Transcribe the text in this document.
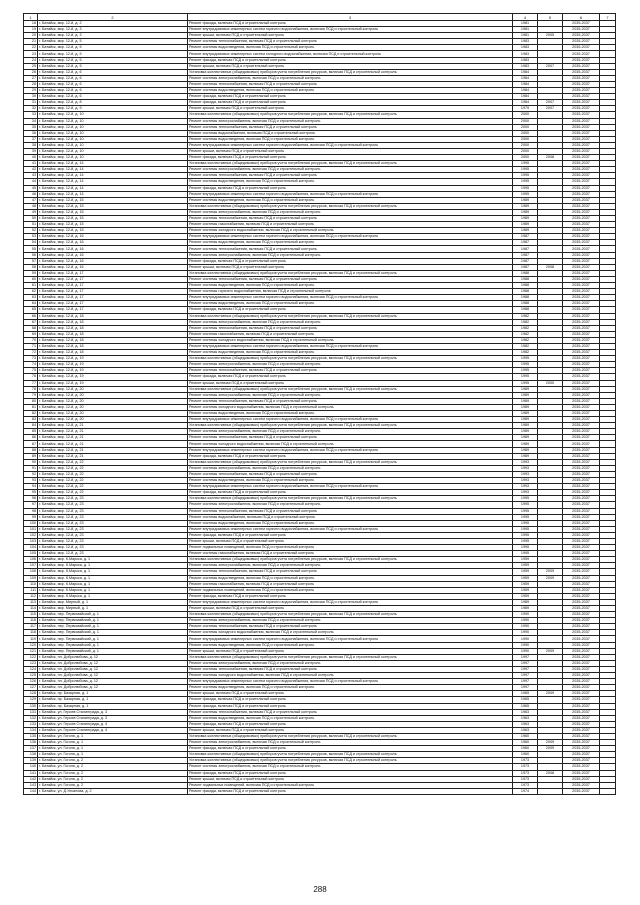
1	2	3	4	5	6	7
18	г. Батайск, мкр. 12-й, д. 2	Ремонт фасада, включая ПСД и строительный контроль	1981		2035-2037	
19	г. Батайск, мкр. 12-й, д. 3	Ремонт внутридомовых инженерных систем горячего водоснабжения, включая ПСД и строительный контроль	1981		2035-2037	
20	г. Батайск, мкр. 12-й, д. 3	Ремонт крыши, включая ПСД и строительный контроль	1981	2005	2035-2037	
21	г. Батайск, мкр. 12-й, д. 5	Ремонт системы теплоснабжения, включая ПСД и строительный контроль	1983		2035-2037	
22	г. Батайск, мкр. 12-й, д. 5	Ремонт системы водоотведения, включая ПСД и строительный контроль	1983		2035-2037	
23	г. Батайск, мкр. 12-й, д. 5	Ремонт внутридомовых инженерных систем холодного водоснабжения, включая ПСД и строительный контроль	1983		2035-2037	
24	г. Батайск, мкр. 12-й, д. 5	Ремонт фасада, включая ПСД и строительный контроль	1983		2035-2037	
25	г. Батайск, мкр. 12-й, д. 5	Ремонт крыши, включая ПСД и строительный контроль	1983	2007	2035-2037	
26	г. Батайск, мкр. 12-й, д. 6	Установка коллективных (общедомовых) приборов учета потребления ресурсов, включая ПСД и строительный контроль	1984		2035-2037	
27	г. Батайск, мкр. 12-й, д. 6	Ремонт системы электроснабжения, включая ПСД и строительный контроль	1984		2035-2037	
28	г. Батайск, мкр. 12-й, д. 6	Ремонт системы теплоснабжения, включая ПСД и строительный контроль	1984		2035-2037	
29	г. Батайск, мкр. 12-й, д. 6	Ремонт системы водоотведения, включая ПСД и строительный контроль	1984		2035-2037	
30	г. Батайск, мкр. 12-й, д. 6	Ремонт фасада, включая ПСД и строительный контроль	1984		2035-2037	
31	г. Батайск, мкр. 12-й, д. 8	Ремонт фасада, включая ПСД и строительный контроль	1984	2007	2035-2037	
32	г. Батайск, мкр. 12-й, д. 9	Ремонт крыши, включая ПСД и строительный контроль	1979	2007	2035-2037	
33	г. Батайск, мкр. 12-й, д. 10	Установка коллективных (общедомовых) приборов учета потребления ресурсов, включая ПСД и строительный контроль	2000		2035-2037	
34	г. Батайск, мкр. 12-й, д. 10	Ремонт системы электроснабжения, включая ПСД и строительный контроль	2000		2035-2037	
35	г. Батайск, мкр. 12-й, д. 10	Ремонт системы теплоснабжения, включая ПСД и строительный контроль	2000		2035-2037	
36	г. Батайск, мкр. 12-й, д. 10	Ремонт системы водоснабжения, включая ПСД и строительный контроль	2000		2035-2037	
37	г. Батайск, мкр. 12-й, д. 10	Ремонт системы водоотведения, включая ПСД и строительный контроль	2000		2035-2037	
38	г. Батайск, мкр. 12-й, д. 10	Ремонт внутридомовых инженерных систем горячего водоснабжения, включая ПСД и строительный контроль	2000		2035-2037	
39	г. Батайск, мкр. 12-й, д. 10	Ремонт крыши, включая ПСД и строительный контроль	2000		2035-2037	
40	г. Батайск, мкр. 12-й, д. 10	Ремонт фасада, включая ПСД и строительный контроль	2000	2008	2035-2037	
41	г. Батайск, мкр. 12-й, д. 14	Установка коллективных (общедомовых) приборов учета потребления ресурсов, включая ПСД и строительный контроль	1995		2035-2037	
42	г. Батайск, мкр. 12-й, д. 14	Ремонт системы электроснабжения, включая ПСД и строительный контроль	1995		2035-2037	
43	г. Батайск, мкр. 12-й, д. 14	Ремонт системы теплоснабжения, включая ПСД и строительный контроль	1995		2035-2037	
44	г. Батайск, мкр. 12-й, д. 14	Ремонт системы водоотведения, включая ПСД и строительный контроль	1995		2035-2037	
45	г. Батайск, мкр. 12-й, д. 14	Ремонт фасада, включая ПСД и строительный контроль	1995		2035-2037	
46	г. Батайск, мкр. 12-й, д. 14	Ремонт внутридомовых инженерных систем горячего водоснабжения, включая ПСД и строительный контроль	1995		2035-2037	
47	г. Батайск, мкр. 12-й, д. 15	Ремонт системы водоотведения, включая ПСД и строительный контроль	1989		2035-2037	
48	г. Батайск, мкр. 12-й, д. 15	Установка коллективных (общедомовых) приборов учета потребления ресурсов, включая ПСД и строительный контроль	1989		2035-2037	
49	г. Батайск, мкр. 12-й, д. 15	Ремонт системы электроснабжения, включая ПСД и строительный контроль	1989		2035-2037	
50	г. Батайск, мкр. 12-й, д. 15	Ремонт системы теплоснабжения, включая ПСД и строительный контроль	1989		2035-2037	
51	г. Батайск, мкр. 12-й, д. 15	Ремонт системы газоснабжения, включая ПСД и строительный контроль	1989		2035-2037	
52	г. Батайск, мкр. 12-й, д. 15	Ремонт системы холодного водоснабжения, включая ПСД и строительный контроль	1989		2035-2037	
53	г. Батайск, мкр. 12-й, д. 16	Ремонт внутридомовых инженерных систем горячего водоснабжения, включая ПСД и строительный контроль	1987		2035-2037	
54	г. Батайск, мкр. 12-й, д. 16	Ремонт системы водоотведения, включая ПСД и строительный контроль	1987		2035-2037	
55	г. Батайск, мкр. 12-й, д. 16	Ремонт системы теплоснабжения, включая ПСД и строительный контроль	1987		2035-2037	
56	г. Батайск, мкр. 12-й, д. 16	Ремонт системы электроснабжения, включая ПСД и строительный контроль	1987		2035-2037	
57	г. Батайск, мкр. 12-й, д. 16	Ремонт фасада, включая ПСД и строительный контроль	1987		2035-2037	
58	г. Батайск, мкр. 12-й, д. 16	Ремонт крыши, включая ПСД и строительный контроль	1987	2008	2035-2037	
59	г. Батайск, мкр. 12-й, д. 17	Установка коллективных (общедомовых) приборов учета потребления ресурсов, включая ПСД и строительный контроль	1988		2035-2037	
60	г. Батайск, мкр. 12-й, д. 17	Ремонт системы теплоснабжения, включая ПСД и строительный контроль	1988		2035-2037	
61	г. Батайск, мкр. 12-й, д. 17	Ремонт системы водоотведения, включая ПСД и строительный контроль	1988		2035-2037	
62	г. Батайск, мкр. 12-й, д. 17	Ремонт системы горячего водоснабжения, включая ПСД и строительный контроль	1988		2035-2037	
63	г. Батайск, мкр. 12-й, д. 17	Ремонт внутридомовых инженерных систем горячего водоснабжения, включая ПСД и строительный контроль	1988		2035-2037	
64	г. Батайск, мкр. 12-й, д. 17	Ремонт системы водоотведения, включая ПСД и строительный контроль	1988		2035-2037	
65	г. Батайск, мкр. 12-й, д. 17	Ремонт фасада, включая ПСД и строительный контроль	1988		2035-2037	
66	г. Батайск, мкр. 12-й, д. 18	Установка коллективных (общедомовых) приборов учета потребления ресурсов, включая ПСД и строительный контроль	1982		2035-2037	
67	г. Батайск, мкр. 12-й, д. 18	Ремонт системы электроснабжения, включая ПСД и строительный контроль	1982		2035-2037	
68	г. Батайск, мкр. 12-й, д. 18	Ремонт системы теплоснабжения, включая ПСД и строительный контроль	1982		2035-2037	
69	г. Батайск, мкр. 12-й, д. 18	Ремонт системы газоснабжения, включая ПСД и строительный контроль	1982		2035-2037	
70	г. Батайск, мкр. 12-й, д. 18	Ремонт системы холодного водоснабжения, включая ПСД и строительный контроль	1982		2035-2037	
71	г. Батайск, мкр. 12-й, д. 18	Ремонт внутридомовых инженерных систем горячего водоснабжения, включая ПСД и строительный контроль	1982		2035-2037	
72	г. Батайск, мкр. 12-й, д. 18	Ремонт системы водоотведения, включая ПСД и строительный контроль	1982		2035-2037	
73	г. Батайск, мкр. 12-й, д. 19	Установка коллективных (общедомовых) приборов учета потребления ресурсов, включая ПСД и строительный контроль	1995		2035-2037	
74	г. Батайск, мкр. 12-й, д. 19	Ремонт системы электроснабжения, включая ПСД и строительный контроль	1995		2035-2037	
75	г. Батайск, мкр. 12-й, д. 19	Ремонт системы теплоснабжения, включая ПСД и строительный контроль	1995		2035-2037	
76	г. Батайск, мкр. 12-й, д. 19	Ремонт фасада, включая ПСД и строительный контроль	1995		2035-2037	
77	г. Батайск, мкр. 12-й, д. 19	Ремонт крыши, включая ПСД и строительный контроль	1995	2000	2035-2037	
78	г. Батайск, мкр. 12-й, д. 20	Установка коллективных (общедомовых) приборов учета потребления ресурсов, включая ПСД и строительный контроль	1989		2035-2037	
79	г. Батайск, мкр. 12-й, д. 20	Ремонт системы электроснабжения, включая ПСД и строительный контроль	1989		2035-2037	
80	г. Батайск, мкр. 12-й, д. 20	Ремонт системы теплоснабжения, включая ПСД и строительный контроль	1989		2035-2037	
81	г. Батайск, мкр. 12-й, д. 20	Ремонт системы холодного водоснабжения, включая ПСД и строительный контроль	1989		2035-2037	
82	г. Батайск, мкр. 12-й, д. 20	Ремонт системы водоотведения, включая ПСД и строительный контроль	1989		2035-2037	
83	г. Батайск, мкр. 12-й, д. 20	Ремонт внутридомовых инженерных систем горячего водоснабжения, включая ПСД и строительный контроль	1989		2035-2037	
84	г. Батайск, мкр. 12-й, д. 21	Установка коллективных (общедомовых) приборов учета потребления ресурсов, включая ПСД и строительный контроль	1989		2035-2037	
85	г. Батайск, мкр. 12-й, д. 21	Ремонт системы электроснабжения, включая ПСД и строительный контроль	1989		2035-2037	
86	г. Батайск, мкр. 12-й, д. 21	Ремонт системы теплоснабжения, включая ПСД и строительный контроль	1989		2035-2037	
87	г. Батайск, мкр. 12-й, д. 21	Ремонт системы холодного водоснабжения, включая ПСД и строительный контроль	1989		2035-2037	
88	г. Батайск, мкр. 12-й, д. 21	Ремонт внутридомовых инженерных систем горячего водоснабжения, включая ПСД и строительный контроль	1989		2035-2037	
89	г. Батайск, мкр. 12-й, д. 21	Ремонт фасада, включая ПСД и строительный контроль	1989		2035-2037	
90	г. Батайск, мкр. 12-й, д. 22	Установка коллективных (общедомовых) приборов учета потребления ресурсов, включая ПСД и строительный контроль	1993		2035-2037	
91	г. Батайск, мкр. 12-й, д. 22	Ремонт системы электроснабжения, включая ПСД и строительный контроль	1993		2035-2037	
92	г. Батайск, мкр. 12-й, д. 22	Ремонт системы теплоснабжения, включая ПСД и строительный контроль	1993		2035-2037	
93	г. Батайск, мкр. 12-й, д. 22	Ремонт системы водоотведения, включая ПСД и строительный контроль	1993		2035-2037	
94	г. Батайск, мкр. 12-й, д. 22	Ремонт внутридомовых инженерных систем горячего водоснабжения, включая ПСД и строительный контроль	1993		2035-2037	
95	г. Батайск, мкр. 12-й, д. 22	Ремонт фасада, включая ПСД и строительный контроль	1993		2035-2037	
96	г. Батайск, мкр. 12-й, д. 23	Установка коллективных (общедомовых) приборов учета потребления ресурсов, включая ПСД и строительный контроль	1995		2035-2037	
97	г. Батайск, мкр. 12-й, д. 23	Ремонт системы электроснабжения, включая ПСД и строительный контроль	1995		2035-2037	
98	г. Батайск, мкр. 12-й, д. 23	Ремонт системы теплоснабжения, включая ПСД и строительный контроль	1995		2035-2037	
99	г. Батайск, мкр. 12-й, д. 23	Ремонт системы водоснабжения, включая ПСД и строительный контроль	1995		2035-2037	
100	г. Батайск, мкр. 12-й, д. 23	Ремонт системы водоотведения, включая ПСД и строительный контроль	1995		2035-2037	
101	г. Батайск, мкр. 12-й, д. 23	Ремонт внутридомовых инженерных систем горячего водоснабжения, включая ПСД и строительный контроль	1995		2035-2037	
102	г. Батайск, мкр. 12-й, д. 23	Ремонт фасада, включая ПСД и строительный контроль	1995		2035-2037	
103	г. Батайск, мкр. 12-й, д. 23	Ремонт крыши, включая ПСД и строительный контроль	1995		2035-2037	
104	г. Батайск, мкр. 12-й, д. 23	Ремонт подвальных помещений, включая ПСД и строительный контроль	1995		2035-2037	
105	г. Батайск, мкр. 12-й, д. 23	Ремонт системы газоснабжения, включая ПСД и строительный контроль	1995		2035-2037	
106	г. Батайск, мкр. К.Маркса, д. 1	Установка коллективных (общедомовых) приборов учета потребления ресурсов, включая ПСД и строительный контроль	1959		2035-2037	
107	г. Батайск, мкр. К.Маркса, д. 1	Ремонт системы электроснабжения, включая ПСД и строительный контроль	1959		2035-2037	
108	г. Батайск, мкр. К.Маркса, д. 1	Ремонт системы теплоснабжения, включая ПСД и строительный контроль	1959	2009	2035-2037	
109	г. Батайск, мкр. К.Маркса, д. 1	Ремонт системы водоотведения, включая ПСД и строительный контроль	1959	2009	2035-2037	
110	г. Батайск, мкр. К.Маркса, д. 1	Ремонт системы газоснабжения, включая ПСД и строительный контроль	1959		2035-2037	
111	г. Батайск, мкр. К.Маркса, д. 1	Ремонт подвальных помещений, включая ПСД и строительный контроль	1959		2035-2037	
112	г. Батайск, мкр. К.Маркса, д. 1	Ремонт фасада, включая ПСД и строительный контроль	1959		2035-2037	
113	г. Батайск, мкр. Мирный, д. 1	Ремонт внутридомовых инженерных систем горячего водоснабжения, включая ПСД и строительный контроль	1989		2035-2037	
114	г. Батайск, мкр. Мирный, д. 1	Ремонт крыши, включая ПСД и строительный контроль	1989		2035-2037	
115	г. Батайск, пер. Первомайский, д. 1	Установка коллективных (общедомовых) приборов учета потребления ресурсов, включая ПСД и строительный контроль	1990		2035-2037	
116	г. Батайск, пер. Первомайский, д. 1	Ремонт системы электроснабжения, включая ПСД и строительный контроль	1990		2035-2037	
117	г. Батайск, пер. Первомайский, д. 1	Ремонт системы теплоснабжения, включая ПСД и строительный контроль	1990		2035-2037	
118	г. Батайск, пер. Первомайский, д. 1	Ремонт системы холодного водоснабжения, включая ПСД и строительный контроль	1990		2035-2037	
119	г. Батайск, пер. Первомайский, д. 1	Ремонт внутридомовых инженерных систем горячего водоснабжения, включая ПСД и строительный контроль	1990		2035-2037	
120	г. Батайск, пер. Первомайский, д. 1	Ремонт системы водоотведения, включая ПСД и строительный контроль	1990		2035-2037	
121	г. Батайск, пер. Первомайский, д. 1	Ремонт крыши, включая ПСД и строительный контроль	1990	2009	2035-2037	
122	г. Батайск, пл. Добролюбова, д. 12	Установка коллективных (общедомовых) приборов учета потребления ресурсов, включая ПСД и строительный контроль	1997		2035-2037	
123	г. Батайск, пл. Добролюбова, д. 12	Ремонт системы электроснабжения, включая ПСД и строительный контроль	1997		2035-2037	
124	г. Батайск, пл. Добролюбова, д. 12	Ремонт системы теплоснабжения, включая ПСД и строительный контроль	1997		2035-2037	
125	г. Батайск, пл. Добролюбова, д. 12	Ремонт системы холодного водоснабжения, включая ПСД и строительный контроль	1997		2035-2037	
126	г. Батайск, пл. Добролюбова, д. 12	Ремонт внутридомовых инженерных систем горячего водоснабжения, включая ПСД и строительный контроль	1997		2035-2037	
127	г. Батайск, пл. Добролюбова, д. 12	Ремонт системы водоотведения, включая ПСД и строительный контроль	1997		2035-2037	
128	г. Батайск, пр. Базарная, д. 1	Ремонт крыши, включая ПСД и строительный контроль	1965	2009	2035-2037	
129	г. Батайск, пр. Базарная, д. 1	Ремонт фасада, включая ПСД и строительный контроль	1965		2035-2037	
130	г. Батайск, пр. Базарная, д. 1	Ремонт фасада, включая ПСД и строительный контроль	1965		2035-2037	
131	г. Батайск, ул. Героев Сталинграда, д. 3	Ремонт системы теплоснабжения, включая ПСД и строительный контроль	1963		2035-2037	
132	г. Батайск, ул. Героев Сталинграда, д. 3	Ремонт системы водоотведения, включая ПСД и строительный контроль	1963		2035-2037	
133	г. Батайск, ул. Героев Сталинграда, д. 4	Ремонт фасада, включая ПСД и строительный контроль	1963		2035-2037	
134	г. Батайск, ул. Героев Сталинграда, д. 4	Ремонт крыши, включая ПСД и строительный контроль	1963		2035-2037	
135	г. Батайск, ул. Гоголя, д. 1	Установка коллективных (общедомовых) приборов учета потребления ресурсов, включая ПСД и строительный контроль	1960		2035-2037	
136	г. Батайск, ул. Гоголя, д. 1	Ремонт системы электроснабжения, включая ПСД и строительный контроль	1960	2009	2035-2037	
137	г. Батайск, ул. Гоголя, д. 1	Ремонт фасада, включая ПСД и строительный контроль	1960	2009	2035-2037	
138	г. Батайск, ул. Гоголя, д. 1	Установка коллективных (общедомовых) приборов учета потребления ресурсов, включая ПСД и строительный контроль	1960		2035-2037	
139	г. Батайск, ул. Гоголя, д. 2	Установка коллективных (общедомовых) приборов учета потребления ресурсов, включая ПСД и строительный контроль	1973		2035-2037	
140	г. Батайск, ул. Гоголя, д. 2	Ремонт системы электроснабжения, включая ПСД и строительный контроль	1973		2035-2037	
141	г. Батайск, ул. Гоголя, д. 2	Ремонт фасада, включая ПСД и строительный контроль	1973	2008	2035-2037	
142	г. Батайск, ул. Гоголя, д. 2	Ремонт крыши, включая ПСД и строительный контроль	1973		2035-2037	
143	г. Батайск, ул. Гоголя, д. 2	Ремонт подвальных помещений, включая ПСД и строительный контроль	1973		2035-2037	
144	г. Батайск, ул. Д.Ульянова, д. 2	Ремонт фасада, включая ПСД и строительный контроль	1974		2035-2037	
288
